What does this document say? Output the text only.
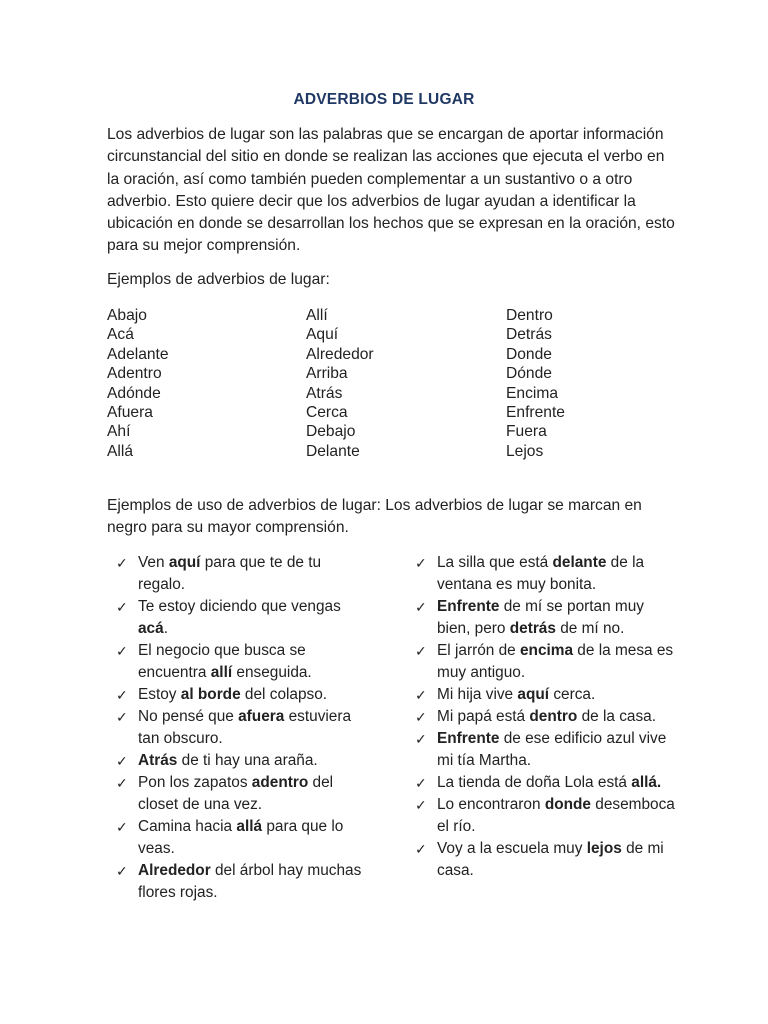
ADVERBIOS DE LUGAR

Los adverbios de lugar son las palabras que se encargan de aportar información circunstancial del sitio en donde se realizan las acciones que ejecuta el verbo en la oración, así como también pueden complementar a un sustantivo o a otro adverbio. Esto quiere decir que los adverbios de lugar ayudan a identificar la ubicación en donde se desarrollan los hechos que se expresan en la oración, esto para su mejor comprensión.

Ejemplos de adverbios de lugar:

Abajo
Acá
Adelante
Adentro
Adónde
Afuera
Ahí
Allá
Allí
Aquí
Alrededor
Arriba
Atrás
Cerca
Debajo
Delante
Dentro
Detrás
Donde
Dónde
Encima
Enfrente
Fuera
Lejos

Ejemplos de uso de adverbios de lugar: Los adverbios de lugar se marcan en negro para su mayor comprensión.

✓ Ven aquí para que te de tu regalo.
✓ Te estoy diciendo que vengas acá.
✓ El negocio que busca se encuentra allí enseguida.
✓ Estoy al borde del colapso.
✓ No pensé que afuera estuviera tan obscuro.
✓ Atrás de ti hay una araña.
✓ Pon los zapatos adentro del closet de una vez.
✓ Camina hacia allá para que lo veas.
✓ Alrededor del árbol hay muchas flores rojas.
✓ La silla que está delante de la ventana es muy bonita.
✓ Enfrente de mí se portan muy bien, pero detrás de mí no.
✓ El jarrón de encima de la mesa es muy antiguo.
✓ Mi hija vive aquí cerca.
✓ Mi papá está dentro de la casa.
✓ Enfrente de ese edificio azul vive mi tía Martha.
✓ La tienda de doña Lola está allá.
✓ Lo encontraron donde desemboca el río.
✓ Voy a la escuela muy lejos de mi casa.
